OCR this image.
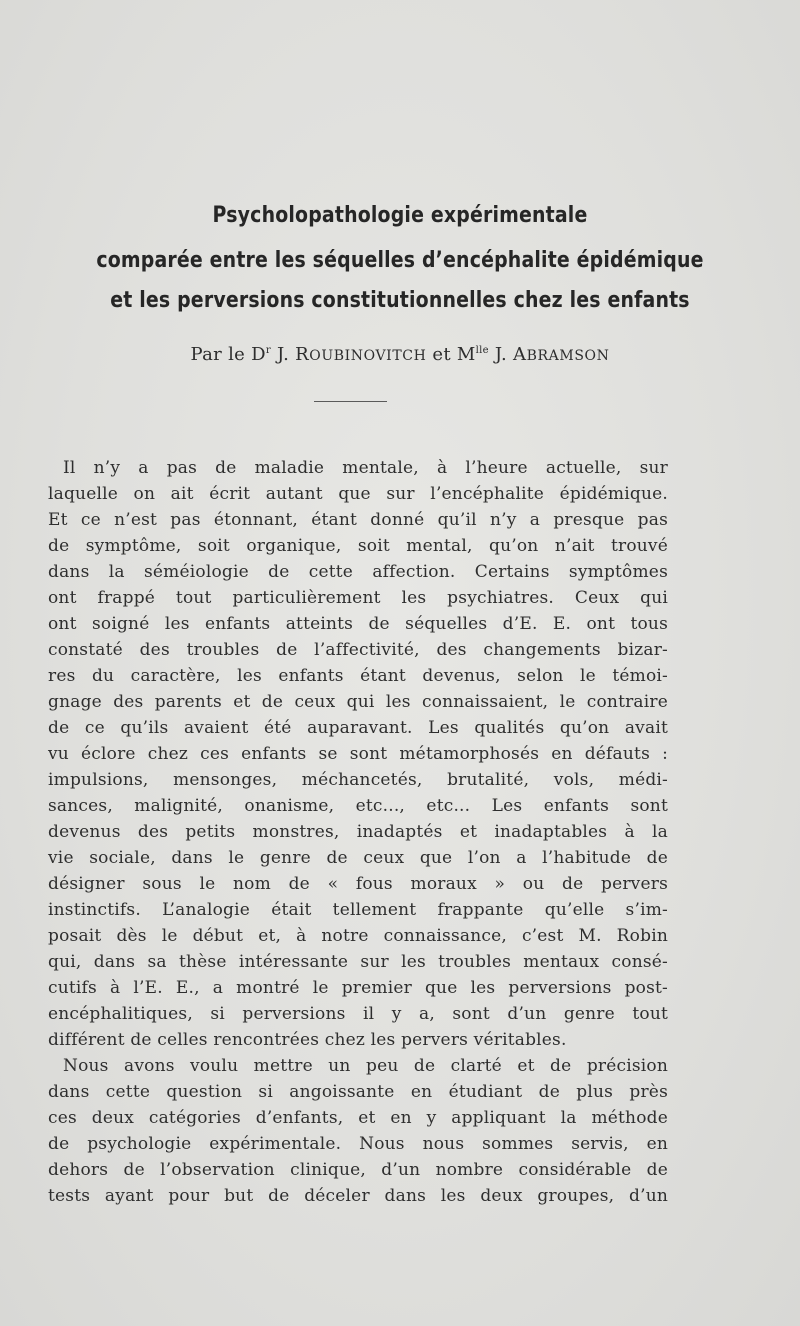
Psycholopathologie expérimentale
comparée entre les séquelles d’encéphalite épidémique
et les perversions constitutionnelles chez les enfants
Par le $D^r$ J. ROUBINOVITCH et $M^{lle}$ J. ABRAMSON
Il n’y a pas de maladie mentale, à l’heure actuelle, sur
laquelle on ait écrit autant que sur l’encéphalite épidémique.
Et ce n’est pas étonnant, étant donné qu’il n’y a presque pas
de symptôme, soit organique, soit mental, qu’on n’ait trouvé
dans la séméiologie de cette affection. Certains symptômes
ont frappé tout particulièrement les psychiatres. Ceux qui
ont soigné les enfants atteints de séquelles d’E. E. ont tous
constaté des troubles de l’affectivité, des changements bizar-
res du caractère, les enfants étant devenus, selon le témoi-
gnage des parents et de ceux qui les connaissaient, le contraire
de ce qu’ils avaient été auparavant. Les qualités qu’on avait
vu éclore chez ces enfants se sont métamorphosés en défauts :
impulsions, mensonges, méchancetés, brutalité, vols, médi-
sances, malignité, onanisme, etc..., etc... Les enfants sont
devenus des petits monstres, inadaptés et inadaptables à la
vie sociale, dans le genre de ceux que l’on a l’habitude de
désigner sous le nom de « fous moraux » ou de pervers
instinctifs. L’analogie était tellement frappante qu’elle s’im-
posait dès le début et, à notre connaissance, c’est M. Robin
qui, dans sa thèse intéressante sur les troubles mentaux consé-
cutifs à l’E. E., a montré le premier que les perversions post-
encéphalitiques, si perversions il y a, sont d’un genre tout
différent de celles rencontrées chez les pervers véritables.
Nous avons voulu mettre un peu de clarté et de précision
dans cette question si angoissante en étudiant de plus près
ces deux catégories d’enfants, et en y appliquant la méthode
de psychologie expérimentale. Nous nous sommes servis, en
dehors de l’observation clinique, d’un nombre considérable de
tests ayant pour but de déceler dans les deux groupes, d’un
